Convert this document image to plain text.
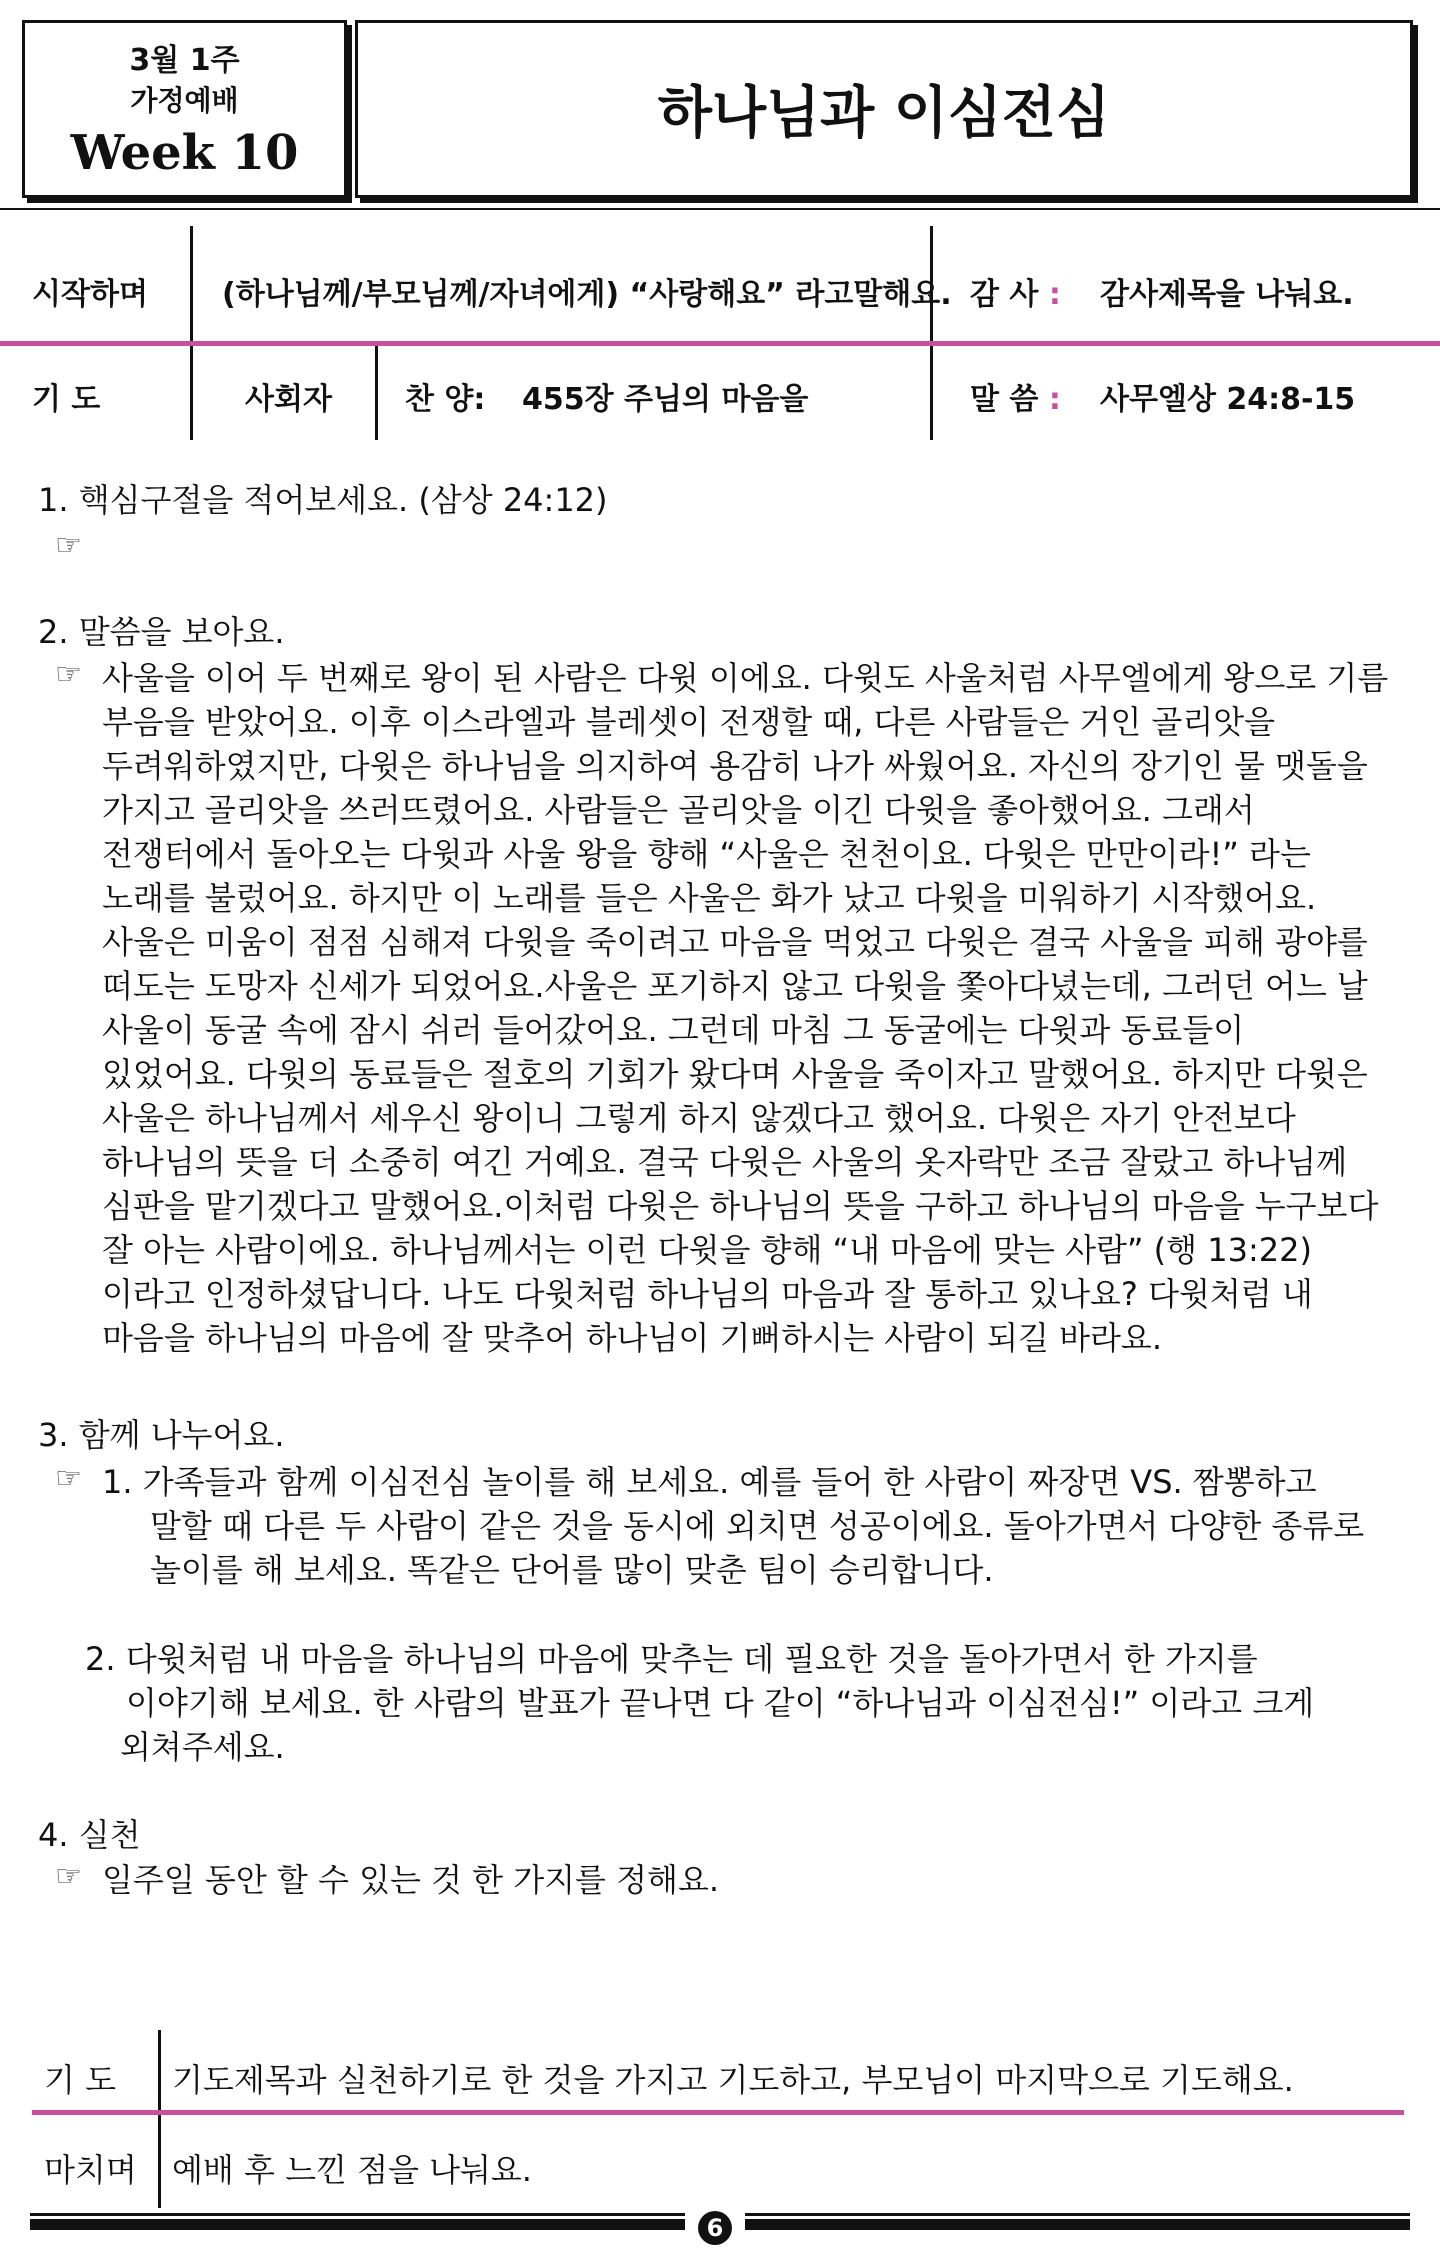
3월 1주
가정예배
Week 10
하나님과 이심전심
시작하며 (하나님께/부모님께/자녀에게) “사랑해요” 라고말해요. 감 사 : 감사제목을 나눠요.
기 도	사회자 찬 양: 455장 주님의 마음을	말 씀 : 사무엘상 24:8-15
1. 핵심구절을 적어보세요. (삼상 24:12)
☞
2. 말씀을 보아요.
☞ 사울을 이어 두 번째로 왕이 된 사람은 다윗 이에요. 다윗도 사울처럼 사무엘에게 왕으로 기름
부음을 받았어요. 이후 이스라엘과 블레셋이 전쟁할 때, 다른 사람들은 거인 골리앗을
두려워하였지만, 다윗은 하나님을 의지하여 용감히 나가 싸웠어요. 자신의 장기인 물 맷돌을
가지고 골리앗을 쓰러뜨렸어요. 사람들은 골리앗을 이긴 다윗을 좋아했어요. 그래서
전쟁터에서 돌아오는 다윗과 사울 왕을 향해 “사울은 천천이요. 다윗은 만만이라!” 라는
노래를 불렀어요. 하지만 이 노래를 들은 사울은 화가 났고 다윗을 미워하기 시작했어요.
사울은 미움이 점점 심해져 다윗을 죽이려고 마음을 먹었고 다윗은 결국 사울을 피해 광야를
떠도는 도망자 신세가 되었어요.사울은 포기하지 않고 다윗을 쫓아다녔는데, 그러던 어느 날
사울이 동굴 속에 잠시 쉬러 들어갔어요. 그런데 마침 그 동굴에는 다윗과 동료들이
있었어요. 다윗의 동료들은 절호의 기회가 왔다며 사울을 죽이자고 말했어요. 하지만 다윗은
사울은 하나님께서 세우신 왕이니 그렇게 하지 않겠다고 했어요. 다윗은 자기 안전보다
하나님의 뜻을 더 소중히 여긴 거예요. 결국 다윗은 사울의 옷자락만 조금 잘랐고 하나님께
심판을 맡기겠다고 말했어요.이처럼 다윗은 하나님의 뜻을 구하고 하나님의 마음을 누구보다
잘 아는 사람이에요. 하나님께서는 이런 다윗을 향해 “내 마음에 맞는 사람” (행 13:22)
이라고 인정하셨답니다. 나도 다윗처럼 하나님의 마음과 잘 통하고 있나요? 다윗처럼 내
마음을 하나님의 마음에 잘 맞추어 하나님이 기뻐하시는 사람이 되길 바라요.
3. 함께 나누어요.
☞ 1. 가족들과 함께 이심전심 놀이를 해 보세요. 예를 들어 한 사람이 짜장면 VS. 짬뽕하고
말할 때 다른 두 사람이 같은 것을 동시에 외치면 성공이에요. 돌아가면서 다양한 종류로
놀이를 해 보세요. 똑같은 단어를 많이 맞춘 팀이 승리합니다.
2. 다윗처럼 내 마음을 하나님의 마음에 맞추는 데 필요한 것을 돌아가면서 한 가지를
이야기해 보세요. 한 사람의 발표가 끝나면 다 같이 “하나님과 이심전심!” 이라고 크게
외쳐주세요.
4. 실천
☞ 일주일 동안 할 수 있는 것 한 가지를 정해요.
기 도 기도제목과 실천하기로 한 것을 가지고 기도하고, 부모님이 마지막으로 기도해요.
마치며 예배 후 느낀 점을 나눠요.
6
